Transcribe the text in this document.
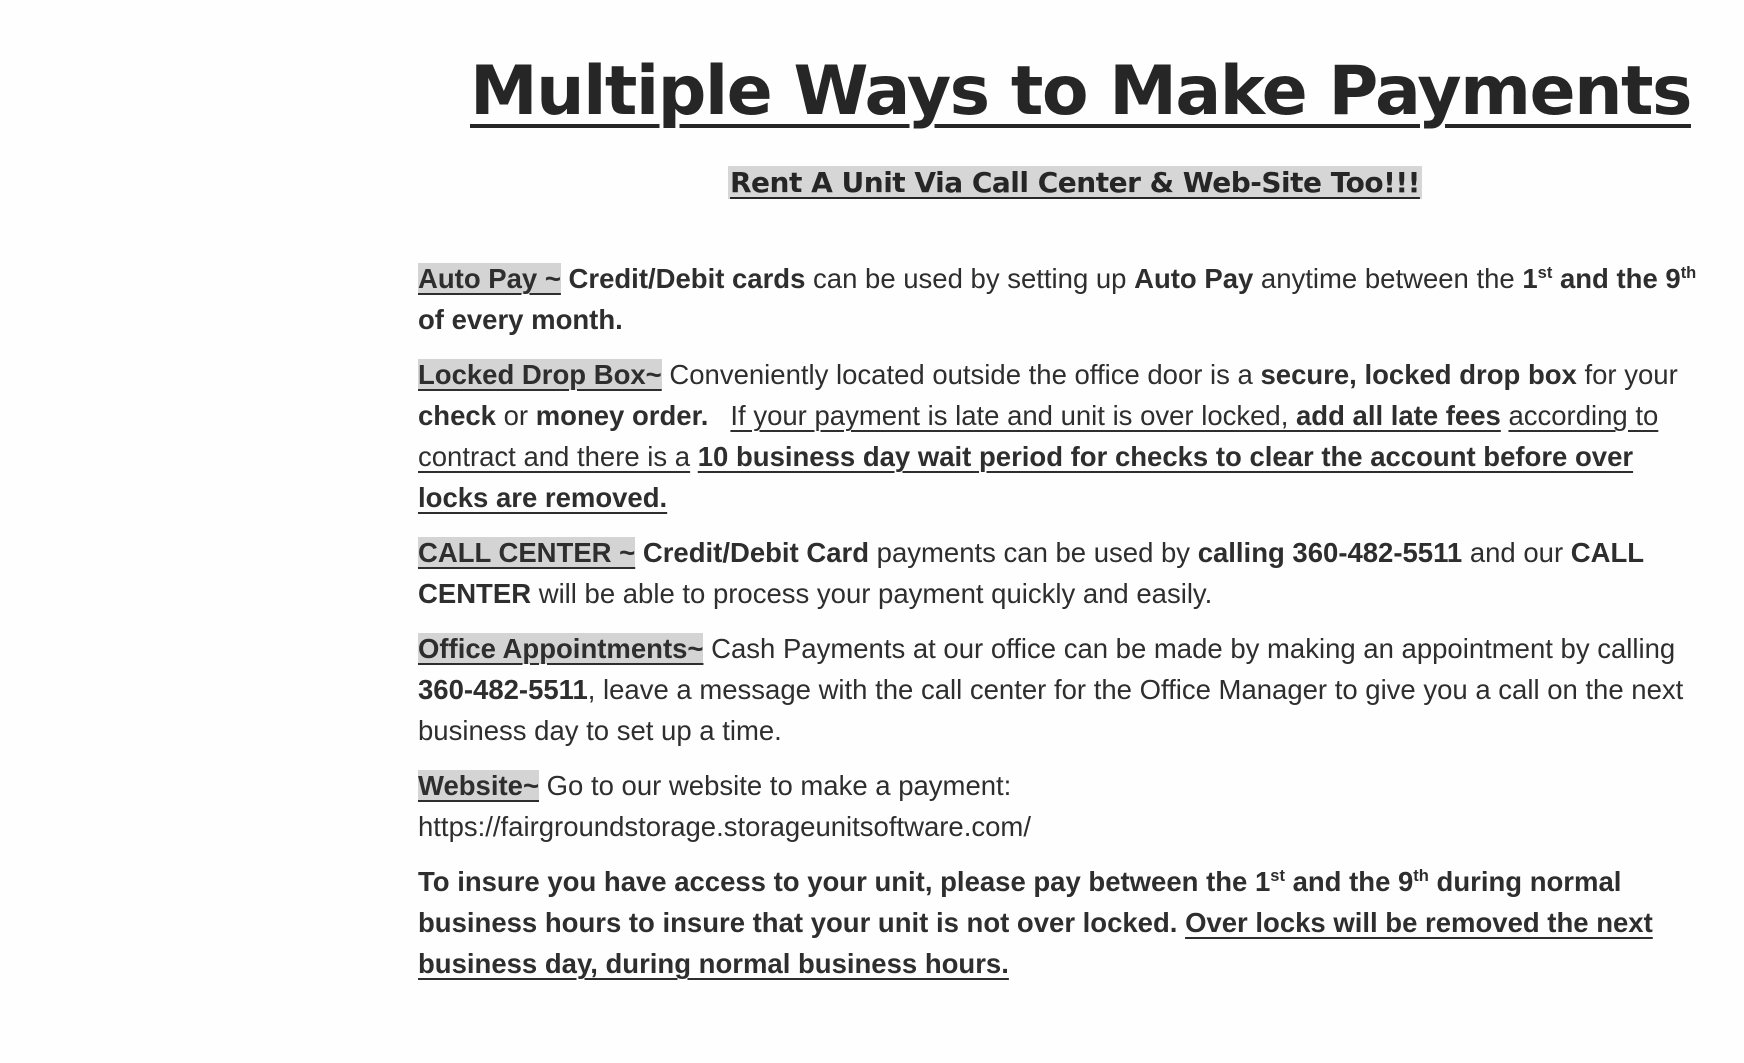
Multiple Ways to Make Payments
Rent A Unit Via Call Center & Web-Site Too!!!

Auto Pay ~ Credit/Debit cards can be used by setting up Auto Pay anytime between the 1st and the 9th of every month.

Locked Drop Box~ Conveniently located outside the office door is a secure, locked drop box for your check or money order. If your payment is late and unit is over locked, add all late fees according to contract and there is a 10 business day wait period for checks to clear the account before over locks are removed.

CALL CENTER ~ Credit/Debit Card payments can be used by calling 360-482-5511 and our CALL CENTER will be able to process your payment quickly and easily.

Office Appointments~ Cash Payments at our office can be made by making an appointment by calling 360-482-5511, leave a message with the call center for the Office Manager to give you a call on the next business day to set up a time.

Website~ Go to our website to make a payment:
https://fairgroundstorage.storageunitsoftware.com/

To insure you have access to your unit, please pay between the 1st and the 9th during normal business hours to insure that your unit is not over locked. Over locks will be removed the next business day, during normal business hours.
